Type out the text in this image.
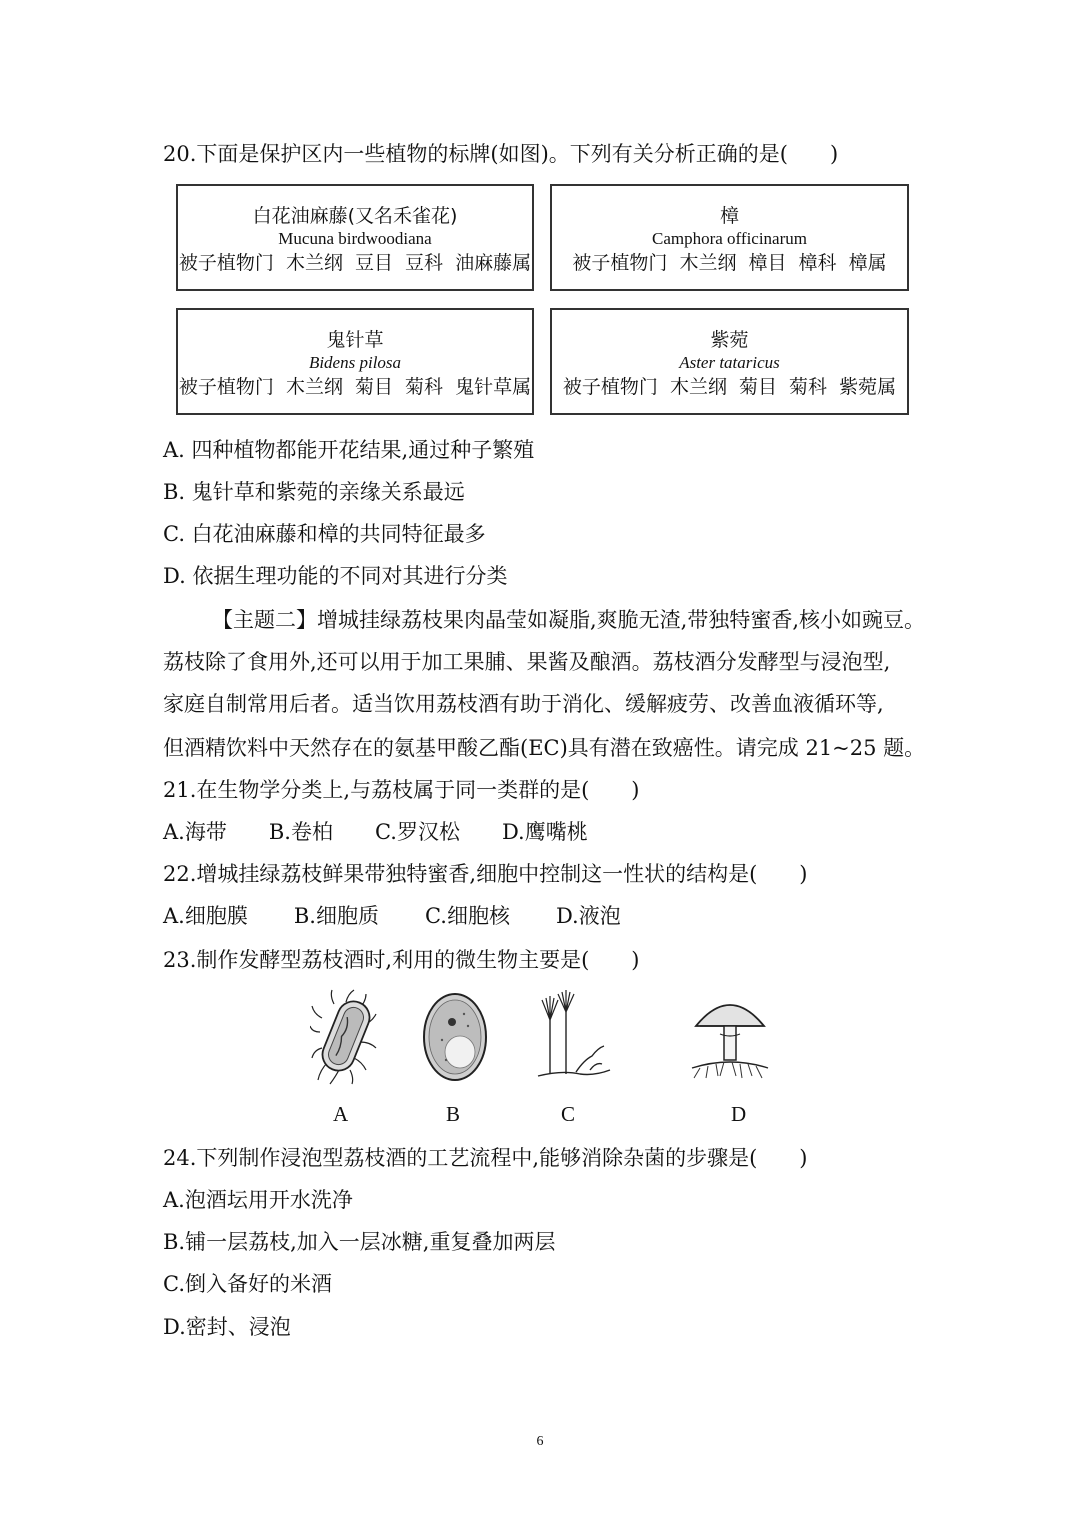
20.下面是保护区内一些植物的标牌(如图)。下列有关分析正确的是(　　)
白花油麻藤(又名禾雀花)
Mucuna birdwoodiana
被子植物门 木兰纲 豆目 豆科 油麻藤属
樟
Camphora officinarum
被子植物门 木兰纲 樟目 樟科 樟属
鬼针草
Bidens pilosa
被子植物门 木兰纲 菊目 菊科 鬼针草属
紫菀
Aster tataricus
被子植物门 木兰纲 菊目 菊科 紫菀属
A. 四种植物都能开花结果,通过种子繁殖
B. 鬼针草和紫菀的亲缘关系最远
C. 白花油麻藤和樟的共同特征最多
D. 依据生理功能的不同对其进行分类
【主题二】增城挂绿荔枝果肉晶莹如凝脂,爽脆无渣,带独特蜜香,核小如豌豆。
荔枝除了食用外,还可以用于加工果脯、果酱及酿酒。荔枝酒分发酵型与浸泡型,
家庭自制常用后者。适当饮用荔枝酒有助于消化、缓解疲劳、改善血液循环等,
但酒精饮料中天然存在的氨基甲酸乙酯(EC)具有潜在致癌性。请完成 21~25 题。
21.在生物学分类上,与荔枝属于同一类群的是(　　)
A.海带 B.卷柏 C.罗汉松 D.鹰嘴桃
22.增城挂绿荔枝鲜果带独特蜜香,细胞中控制这一性状的结构是(　　)
A.细胞膜 B.细胞质 C.细胞核 D.液泡
23.制作发酵型荔枝酒时,利用的微生物主要是(　　)
A	B	C	D
24.下列制作浸泡型荔枝酒的工艺流程中,能够消除杂菌的步骤是(　　)
A.泡酒坛用开水洗净
B.铺一层荔枝,加入一层冰糖,重复叠加两层
C.倒入备好的米酒
D.密封、浸泡
6
